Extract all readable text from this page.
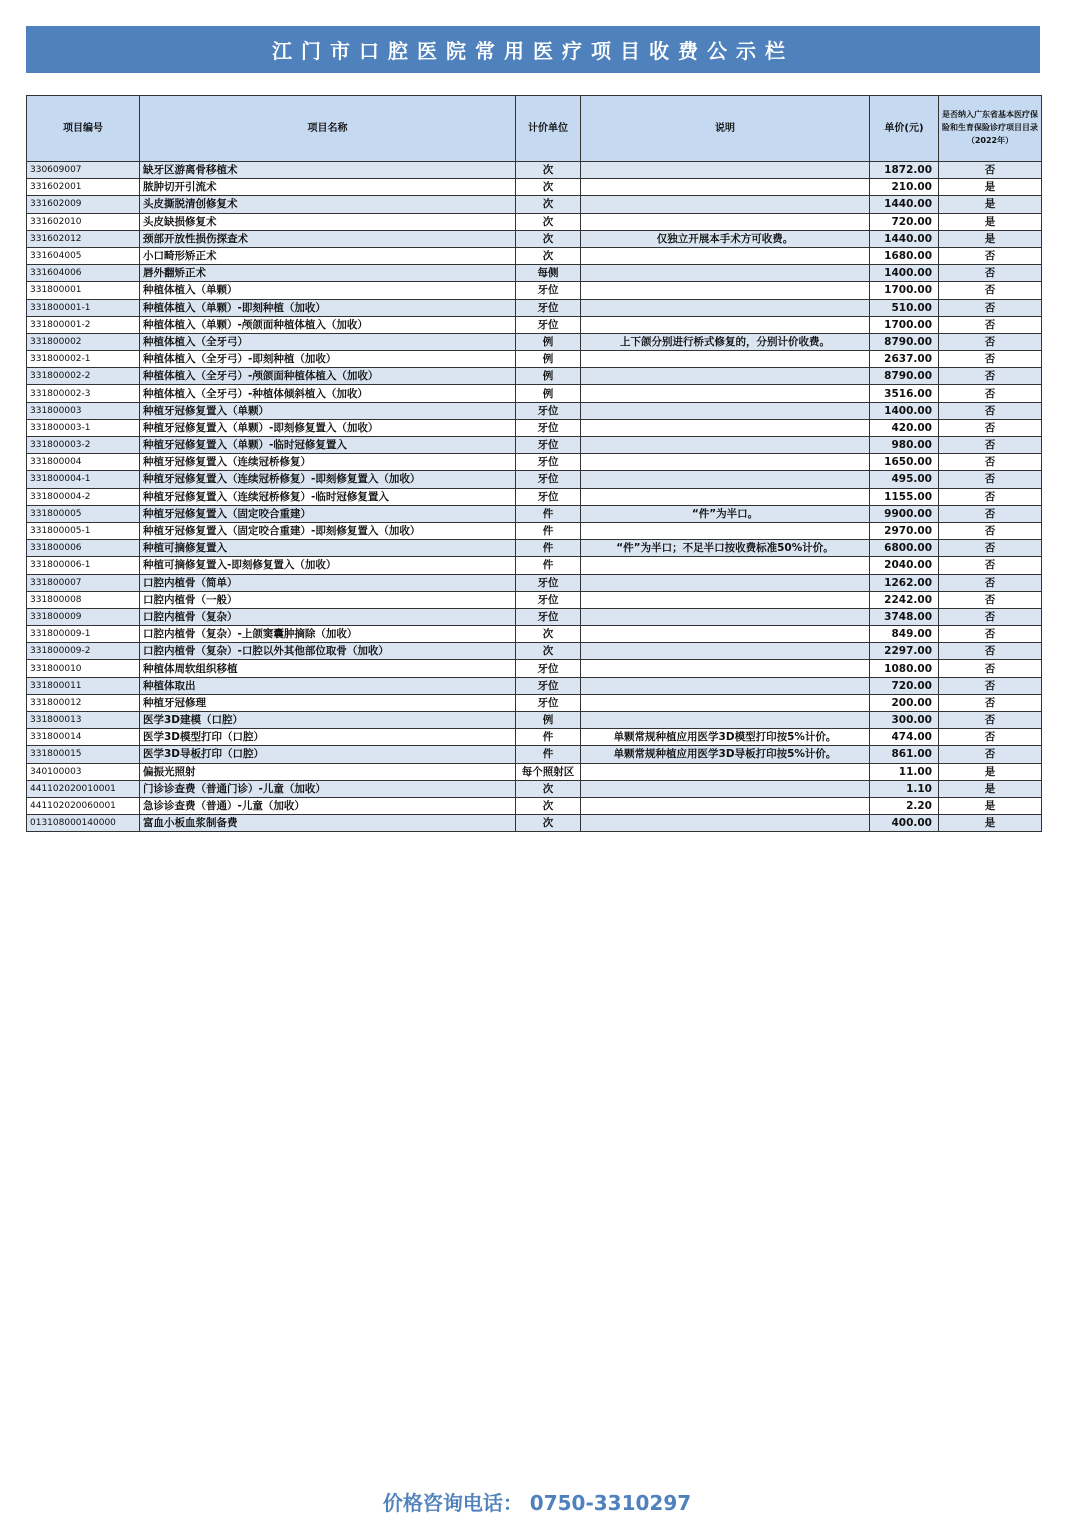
江门市口腔医院常用医疗项目收费公示栏
项目编号	项目名称	计价单位	说明	单价(元)	是否纳入广东省基本医疗保险和生育保险诊疗项目目录（2022年）
330609007	缺牙区游离骨移植术	次		1872.00	否
331602001	脓肿切开引流术	次		210.00	是
331602009	头皮撕脱清创修复术	次		1440.00	是
331602010	头皮缺损修复术	次		720.00	是
331602012	颈部开放性损伤探查术	次	仅独立开展本手术方可收费。	1440.00	是
331604005	小口畸形矫正术	次		1680.00	否
331604006	唇外翻矫正术	每侧		1400.00	否
331800001	种植体植入（单颗）	牙位		1700.00	否
331800001-1	种植体植入（单颗）-即刻种植（加收）	牙位		510.00	否
331800001-2	种植体植入（单颗）-颅颌面种植体植入（加收）	牙位		1700.00	否
331800002	种植体植入（全牙弓）	例	上下颌分别进行桥式修复的，分别计价收费。	8790.00	否
331800002-1	种植体植入（全牙弓）-即刻种植（加收）	例		2637.00	否
331800002-2	种植体植入（全牙弓）-颅颌面种植体植入（加收）	例		8790.00	否
331800002-3	种植体植入（全牙弓）-种植体倾斜植入（加收）	例		3516.00	否
331800003	种植牙冠修复置入（单颗）	牙位		1400.00	否
331800003-1	种植牙冠修复置入（单颗）-即刻修复置入（加收）	牙位		420.00	否
331800003-2	种植牙冠修复置入（单颗）-临时冠修复置入	牙位		980.00	否
331800004	种植牙冠修复置入（连续冠桥修复）	牙位		1650.00	否
331800004-1	种植牙冠修复置入（连续冠桥修复）-即刻修复置入（加收）	牙位		495.00	否
331800004-2	种植牙冠修复置入（连续冠桥修复）-临时冠修复置入	牙位		1155.00	否
331800005	种植牙冠修复置入（固定咬合重建）	件	“件”为半口。	9900.00	否
331800005-1	种植牙冠修复置入（固定咬合重建）-即刻修复置入（加收）	件		2970.00	否
331800006	种植可摘修复置入	件	“件”为半口；不足半口按收费标准50%计价。	6800.00	否
331800006-1	种植可摘修复置入-即刻修复置入（加收）	件		2040.00	否
331800007	口腔内植骨（简单）	牙位		1262.00	否
331800008	口腔内植骨（一般）	牙位		2242.00	否
331800009	口腔内植骨（复杂）	牙位		3748.00	否
331800009-1	口腔内植骨（复杂）-上颌窦囊肿摘除（加收）	次		849.00	否
331800009-2	口腔内植骨（复杂）-口腔以外其他部位取骨（加收）	次		2297.00	否
331800010	种植体周软组织移植	牙位		1080.00	否
331800011	种植体取出	牙位		720.00	否
331800012	种植牙冠修理	牙位		200.00	否
331800013	医学3D建模（口腔）	例		300.00	否
331800014	医学3D模型打印（口腔）	件	单颗常规种植应用医学3D模型打印按5%计价。	474.00	否
331800015	医学3D导板打印（口腔）	件	单颗常规种植应用医学3D导板打印按5%计价。	861.00	否
340100003	偏振光照射	每个照射区		11.00	是
441102020010001	门诊诊查费（普通门诊）-儿童（加收）	次		1.10	是
441102020060001	急诊诊查费（普通）-儿童（加收）	次		2.20	是
013108000140000	富血小板血浆制备费	次		400.00	是
价格咨询电话： 0750-3310297
